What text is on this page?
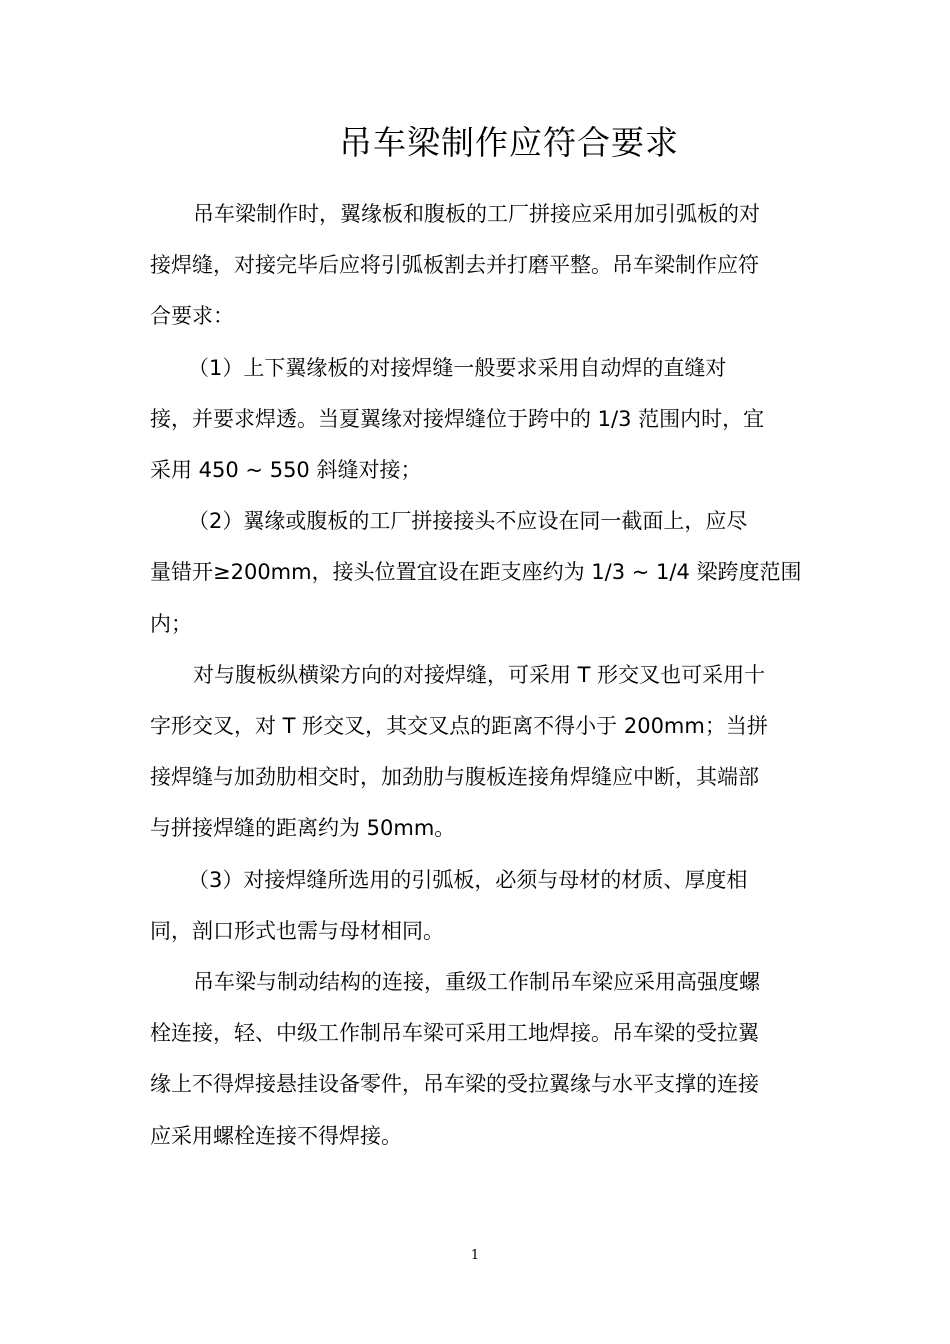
吊车梁制作应符合要求

吊车梁制作时，翼缘板和腹板的工厂拼接应采用加引弧板的对
接焊缝，对接完毕后应将引弧板割去并打磨平整。吊车梁制作应符
合要求：

（1）上下翼缘板的对接焊缝一般要求采用自动焊的直缝对
接，并要求焊透。当夏翼缘对接焊缝位于跨中的 1/3 范围内时，宜
采用 450 ~ 550 斜缝对接；

（2）翼缘或腹板的工厂拼接接头不应设在同一截面上，应尽
量错开≥200mm，接头位置宜设在距支座约为 1/3 ~ 1/4 梁跨度范围
内；

对与腹板纵横梁方向的对接焊缝，可采用 T 形交叉也可采用十
字形交叉，对 T 形交叉，其交叉点的距离不得小于 200mm；当拼
接焊缝与加劲肋相交时，加劲肋与腹板连接角焊缝应中断，其端部
与拼接焊缝的距离约为 50mm。

（3）对接焊缝所选用的引弧板，必须与母材的材质、厚度相
同，剖口形式也需与母材相同。

吊车梁与制动结构的连接，重级工作制吊车梁应采用高强度螺
栓连接，轻、中级工作制吊车梁可采用工地焊接。吊车梁的受拉翼
缘上不得焊接悬挂设备零件，吊车梁的受拉翼缘与水平支撑的连接
应采用螺栓连接不得焊接。

1
